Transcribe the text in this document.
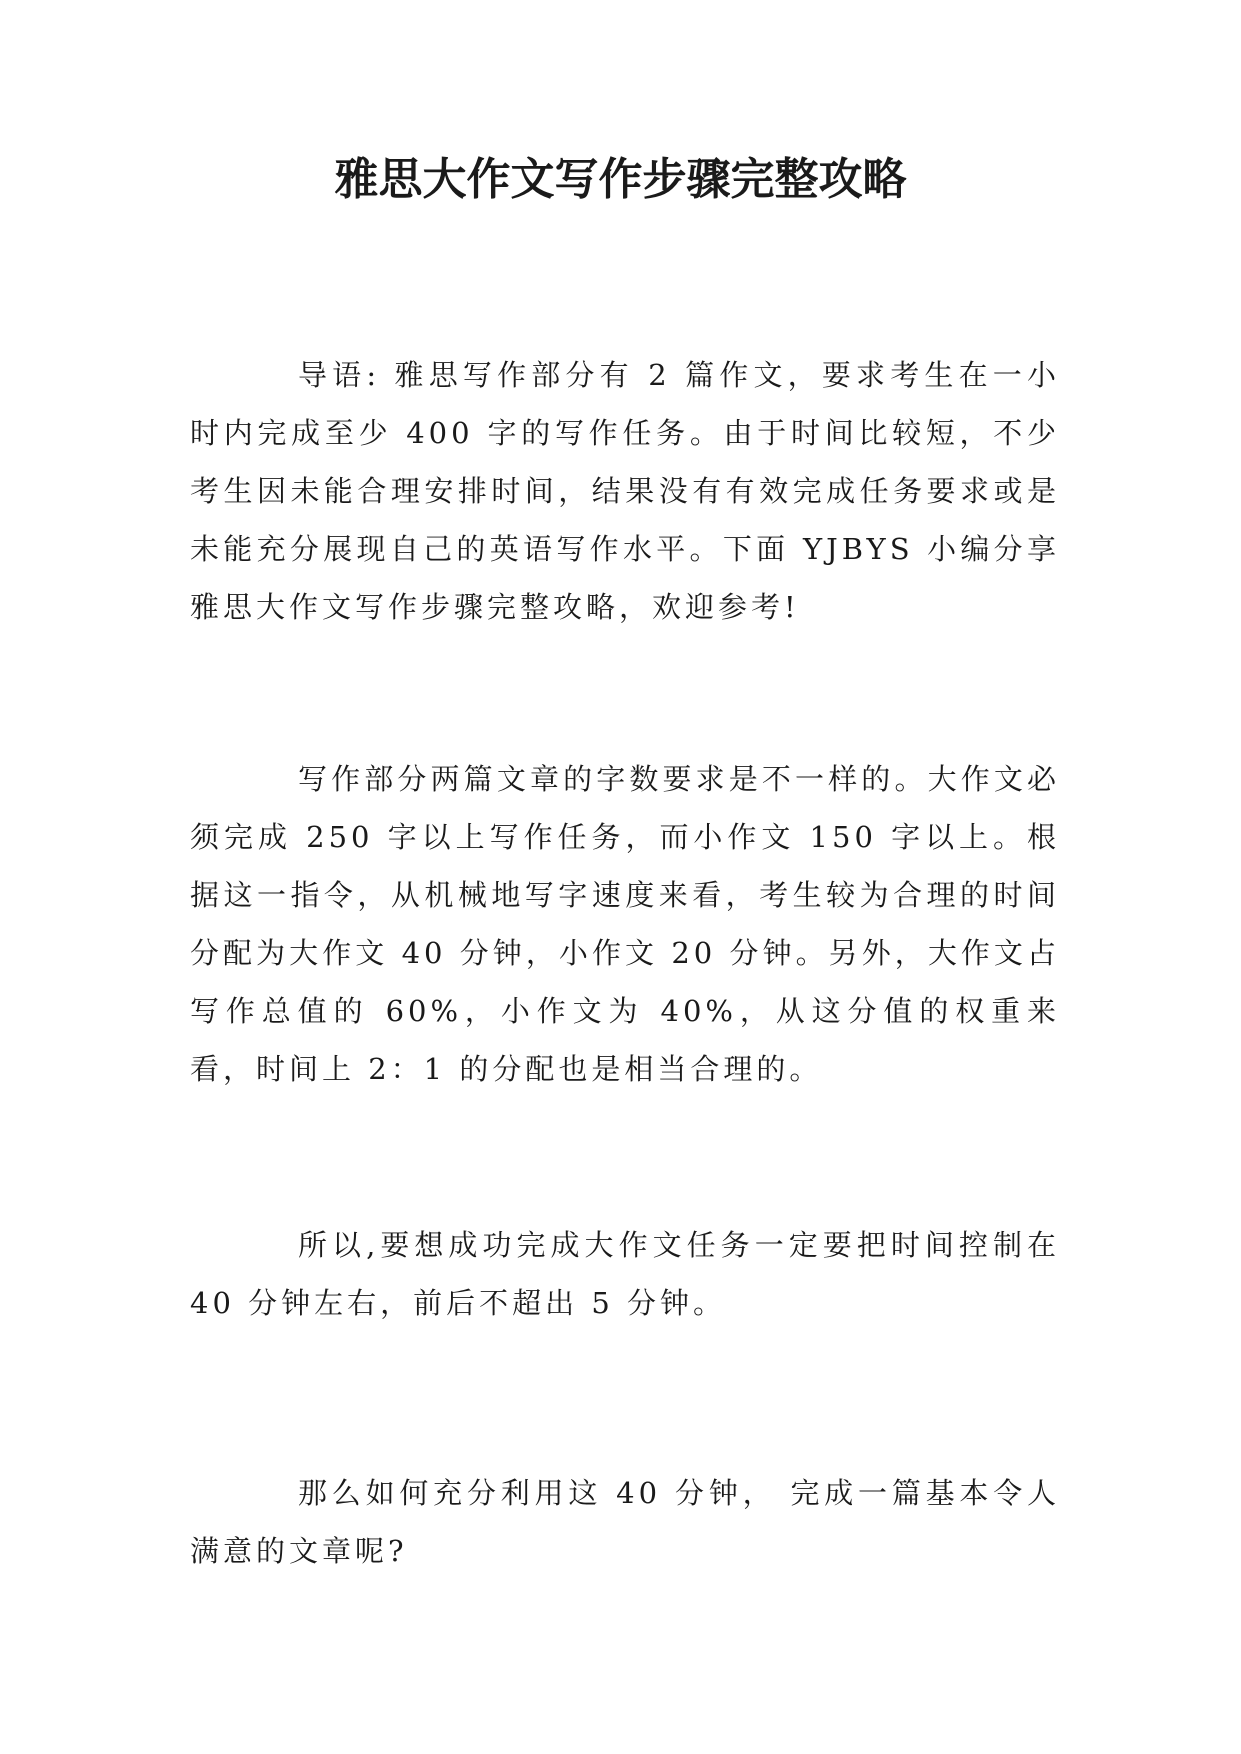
雅思大作文写作步骤完整攻略

导语: 雅思写作部分有 2 篇作文，要求考生在一小时内完成至少 400 字的写作任务。由于时间比较短，不少考生因未能合理安排时间，结果没有有效完成任务要求或是未能充分展现自己的英语写作水平。下面 YJBYS 小编分享雅思大作文写作步骤完整攻略，欢迎参考!

写作部分两篇文章的字数要求是不一样的。大作文必须完成 250 字以上写作任务，而小作文 150 字以上。根据这一指令，从机械地写字速度来看，考生较为合理的时间分配为大作文 40 分钟，小作文 20 分钟。另外，大作文占写作总值的 60%，小作文为 40%，从这分值的权重来看，时间上 2：1 的分配也是相当合理的。

所以,要想成功完成大作文任务一定要把时间控制在 40 分钟左右，前后不超出 5 分钟。

那么如何充分利用这 40 分钟， 完成一篇基本令人满意的文章呢?
